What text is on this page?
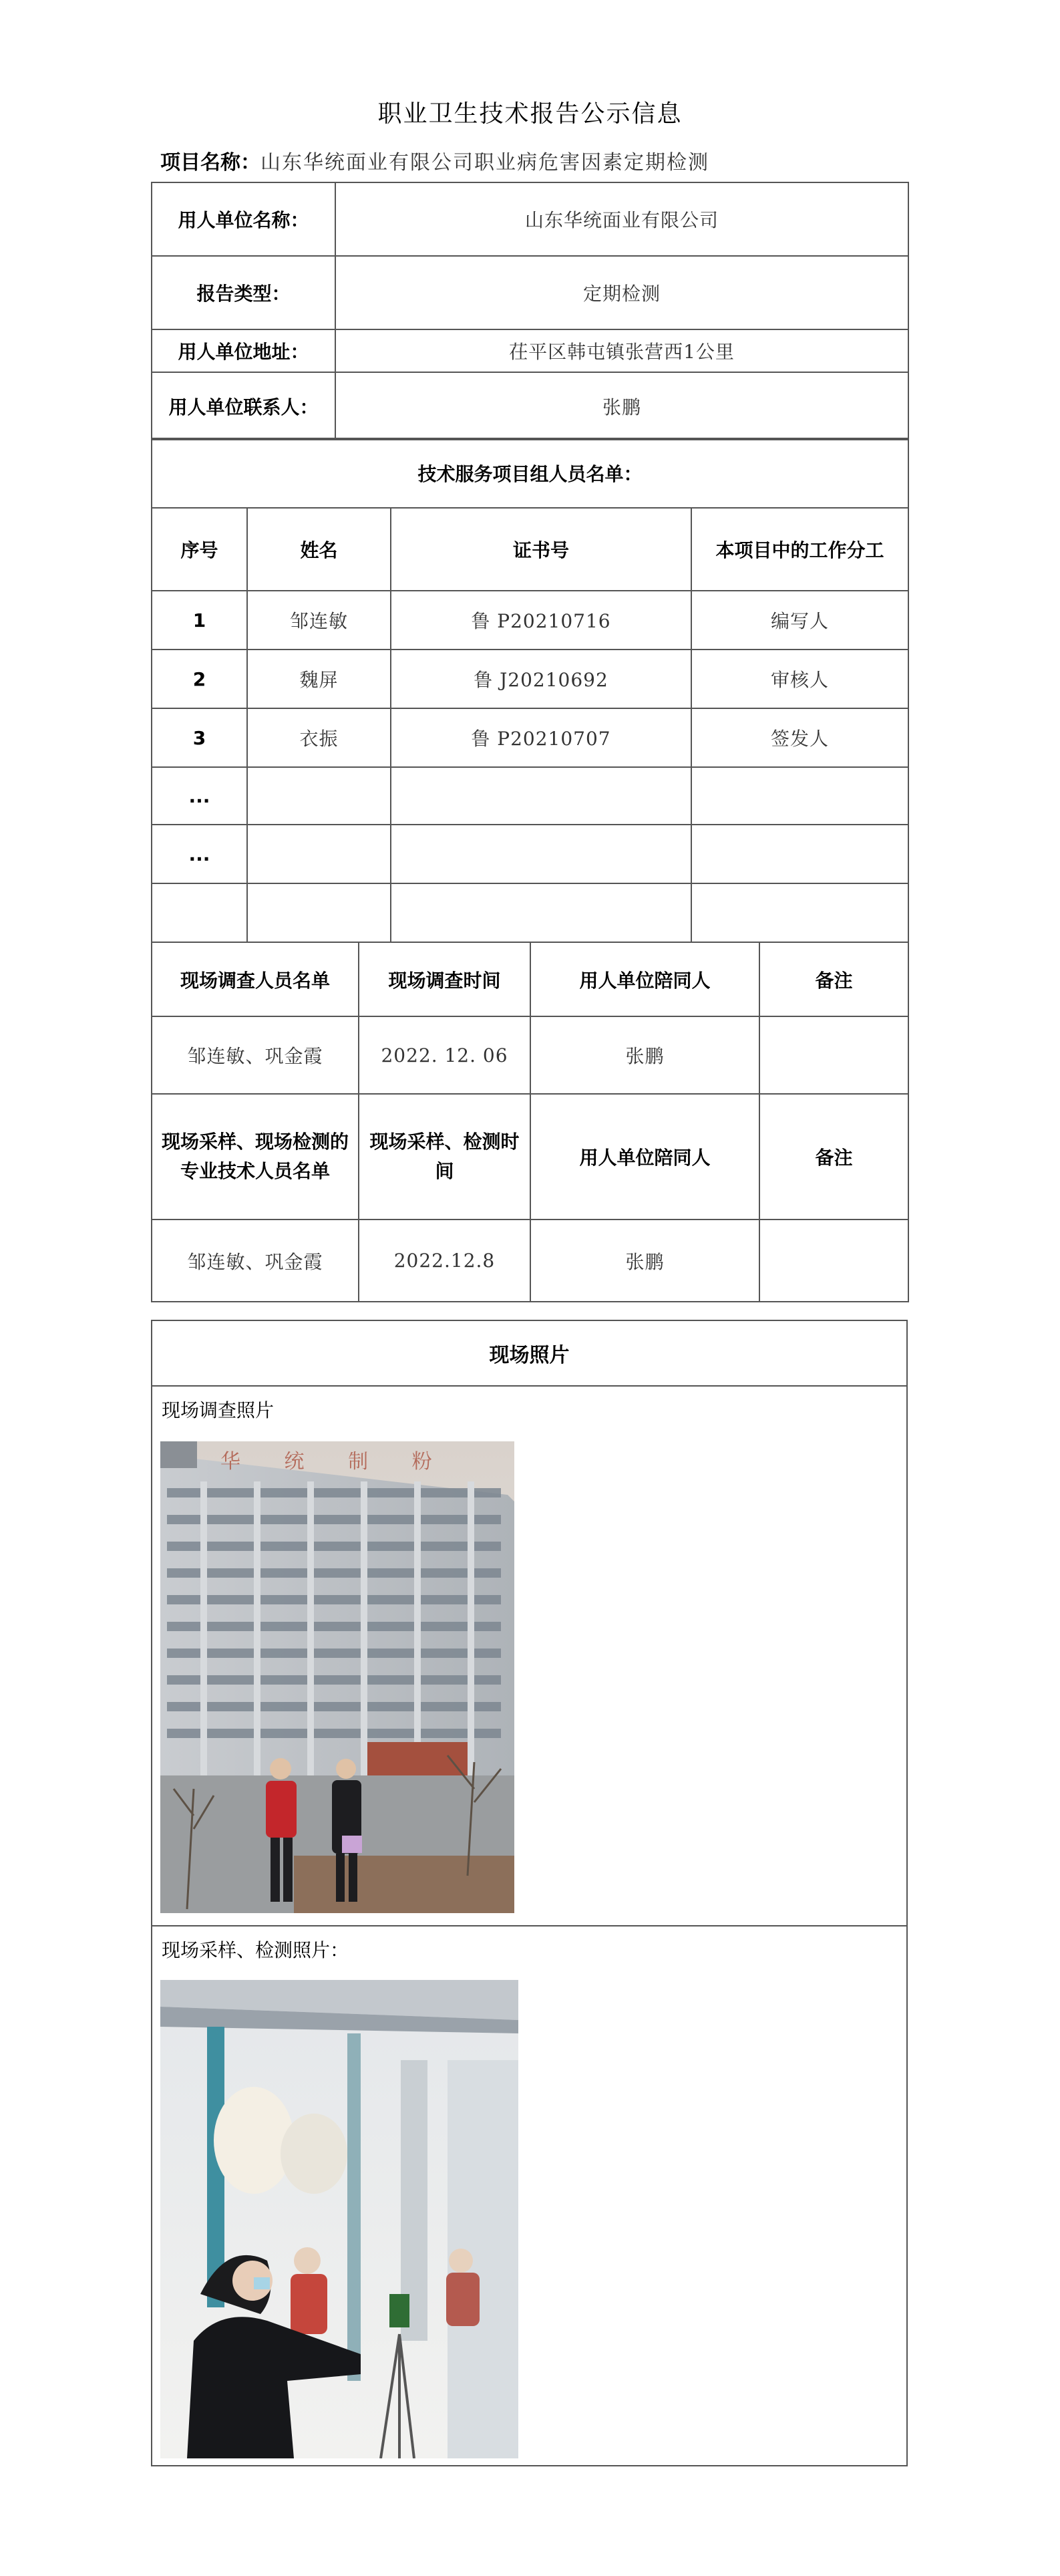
职业卫生技术报告公示信息
项目名称：山东华统面业有限公司职业病危害因素定期检测
用人单位名称：	山东华统面业有限公司
报告类型：	定期检测
用人单位地址：	茌平区韩屯镇张营西1公里
用人单位联系人：	张鹏
技术服务项目组人员名单：			
序号	姓名	证书号	本项目中的工作分工
1	邹连敏	鲁 P20210716	编写人
2	魏屏	鲁 J20210692	审核人
3	衣振	鲁 P20210707	签发人
...			
...			

现场调查人员名单	现场调查时间	用人单位陪同人	备注
邹连敏、巩金霞	2022. 12. 06	张鹏	
现场采样、现场检测的专业技术人员名单	现场采样、检测时间	用人单位陪同人	备注
邹连敏、巩金霞	2022.12.8	张鹏	
现场照片
现场调查照片
华 统 制 粉
现场采样、检测照片：
